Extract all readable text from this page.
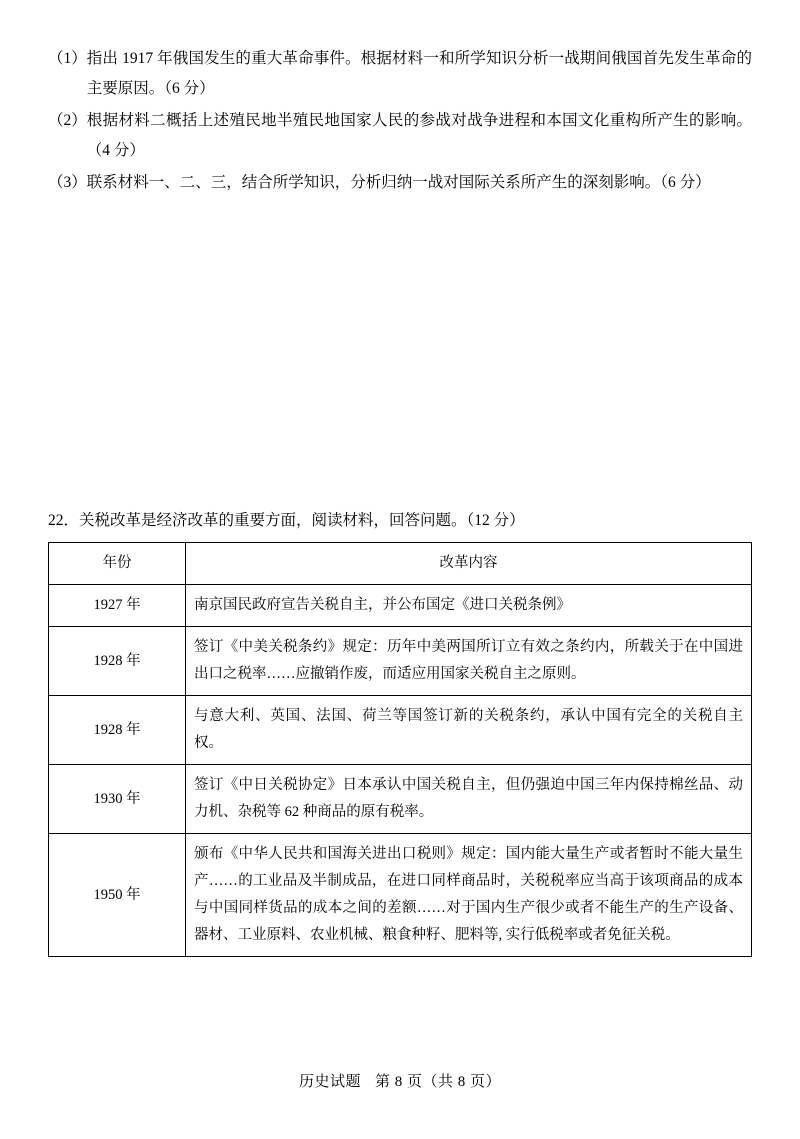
（1） 指出 1917 年俄国发生的重大革命事件。根据材料一和所学知识分析一战期间俄国首先发生革命的主要原因。（6 分）
（2） 根据材料二概括上述殖民地半殖民地国家人民的参战对战争进程和本国文化重构所产生的影响。（4 分）
（3） 联系材料一、二、三，结合所学知识，分析归纳一战对国际关系所产生的深刻影响。（6 分）
22．关税改革是经济改革的重要方面，阅读材料，回答问题。（12 分）
年份	改革内容
1927 年	南京国民政府宣告关税自主，并公布国定《进口关税条例》
1928 年	签订《中美关税条约》规定：历年中美两国所订立有效之条约内，所载关于在中国进出口之税率……应撤销作废，而适应用国家关税自主之原则。
1928 年	与意大利、英国、法国、荷兰等国签订新的关税条约，承认中国有完全的关税自主权。
1930 年	签订《中日关税协定》日本承认中国关税自主，但仍强迫中国三年内保持棉丝品、动力机、杂税等 62 种商品的原有税率。
1950 年	颁布《中华人民共和国海关进出口税则》规定：国内能大量生产或者暂时不能大量生产……的工业品及半制成品，在进口同样商品时，关税税率应当高于该项商品的成本与中国同样货品的成本之间的差额……对于国内生产很少或者不能生产的生产设备、器材、工业原料、农业机械、粮食种籽、肥料等, 实行低税率或者免征关税。
历史试题 第 8 页（共 8 页）
